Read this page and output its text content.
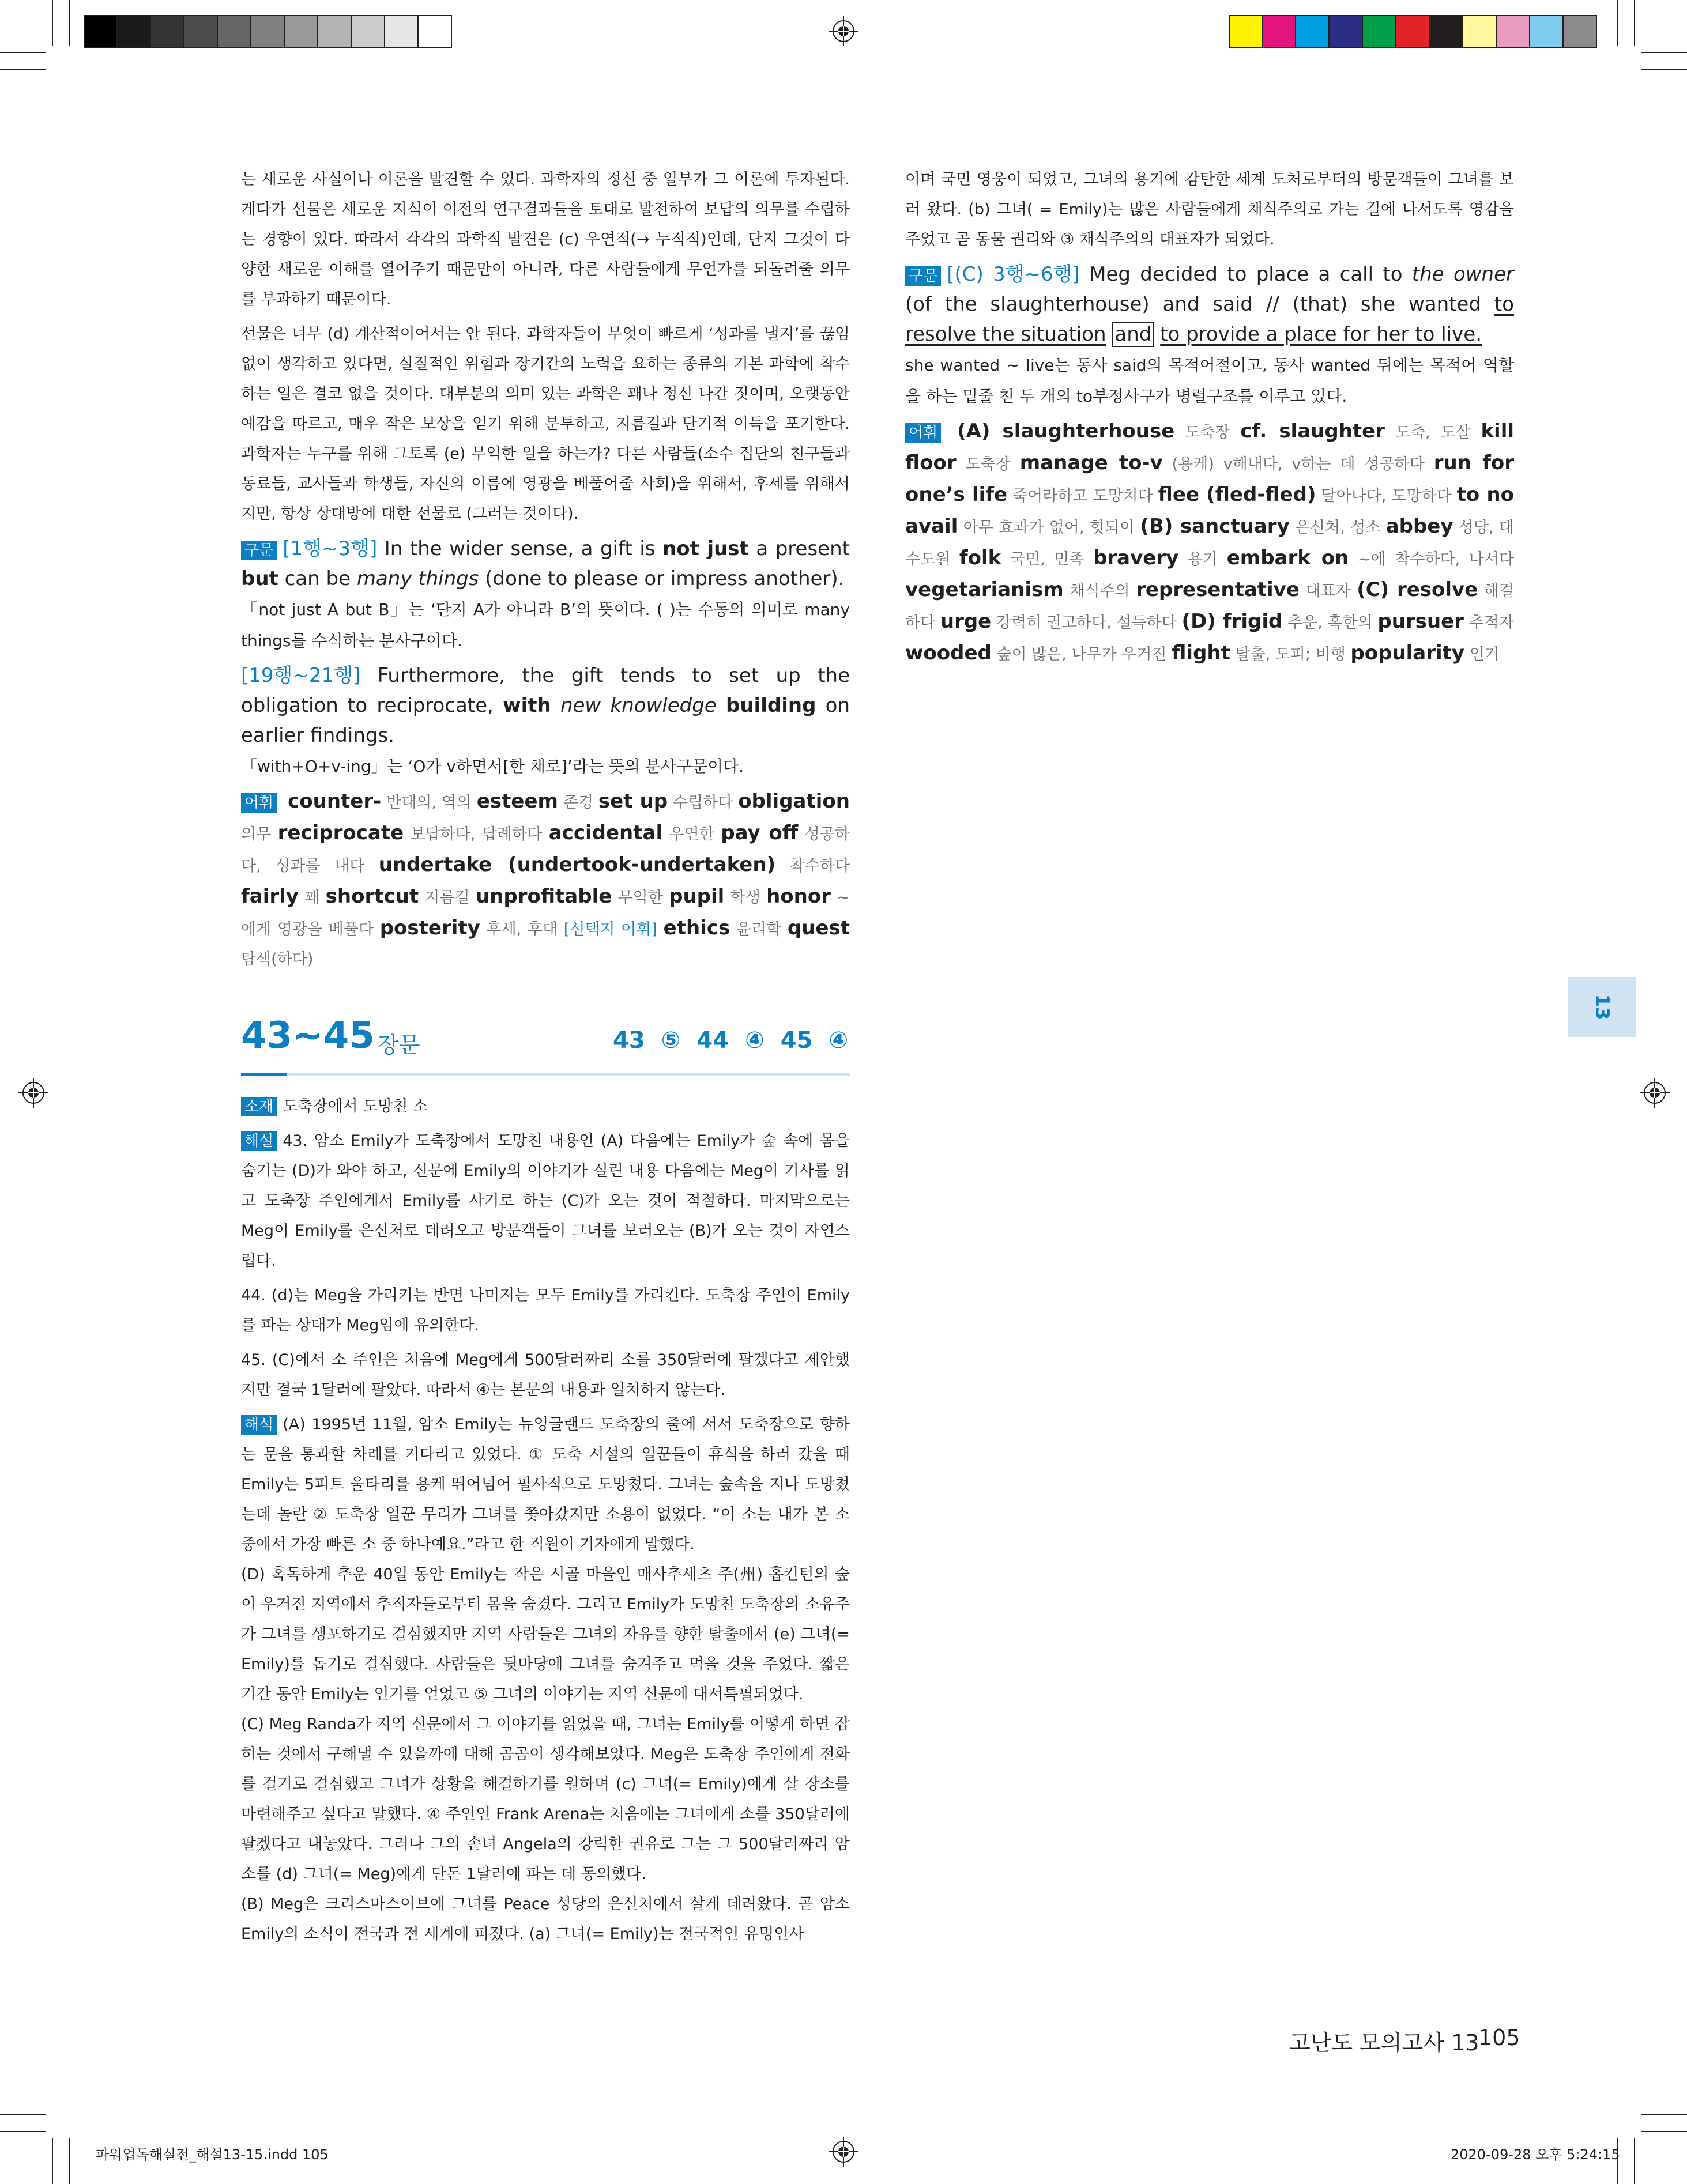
는 새로운 사실이나 이론을 발견할 수 있다. 과학자의 정신 중 일부가 그 이론에 투자된다. 게다가 선물은 새로운 지식이 이전의 연구결과들을 토대로 발전하여 보답의 의무를 수립하는 경향이 있다. 따라서 각각의 과학적 발견은 (c) 우연적(→ 누적적)인데, 단지 그것이 다양한 새로운 이해를 열어주기 때문만이 아니라, 다른 사람들에게 무언가를 되돌려줄 의무를 부과하기 때문이다.

선물은 너무 (d) 계산적이어서는 안 된다. 과학자들이 무엇이 빠르게 ‘성과를 낼지’를 끊임없이 생각하고 있다면, 실질적인 위험과 장기간의 노력을 요하는 종류의 기본 과학에 착수하는 일은 결코 없을 것이다. 대부분의 의미 있는 과학은 꽤나 정신 나간 짓이며, 오랫동안 예감을 따르고, 매우 작은 보상을 얻기 위해 분투하고, 지름길과 단기적 이득을 포기한다. 과학자는 누구를 위해 그토록 (e) 무익한 일을 하는가? 다른 사람들(소수 집단의 친구들과 동료들, 교사들과 학생들, 자신의 이름에 영광을 베풀어줄 사회)을 위해서, 후세를 위해서지만, 항상 상대방에 대한 선물로 (그러는 것이다).

구문 [1행~3행] In the wider sense, a gift is not just a present but can be many things (done to please or impress another).
「not just A but B」는 ‘단지 A가 아니라 B’의 뜻이다. ( )는 수동의 의미로 many things를 수식하는 분사구이다.

[19행~21행] Furthermore, the gift tends to set up the obligation to reciprocate, with new knowledge building on earlier findings.
「with+O+v-ing」는 ‘O가 v하면서[한 채로]’라는 뜻의 분사구문이다.

어휘 counter- 반대의, 역의 esteem 존경 set up 수립하다 obligation 의무 reciprocate 보답하다, 답례하다 accidental 우연한 pay off 성공하다, 성과를 내다 undertake (undertook-undertaken) 착수하다 fairly 꽤 shortcut 지름길 unprofitable 무익한 pupil 학생 honor ~에게 영광을 베풀다 posterity 후세, 후대 [선택지 어휘] ethics 윤리학 quest 탐색(하다)

43~45 장문	43 ⑤ 44 ④ 45 ④

소재 도축장에서 도망친 소

해설 43. 암소 Emily가 도축장에서 도망친 내용인 (A) 다음에는 Emily가 숲 속에 몸을 숨기는 (D)가 와야 하고, 신문에 Emily의 이야기가 실린 내용 다음에는 Meg이 기사를 읽고 도축장 주인에게서 Emily를 사기로 하는 (C)가 오는 것이 적절하다. 마지막으로는 Meg이 Emily를 은신처로 데려오고 방문객들이 그녀를 보러오는 (B)가 오는 것이 자연스럽다.

44. (d)는 Meg을 가리키는 반면 나머지는 모두 Emily를 가리킨다. 도축장 주인이 Emily를 파는 상대가 Meg임에 유의한다.

45. (C)에서 소 주인은 처음에 Meg에게 500달러짜리 소를 350달러에 팔겠다고 제안했지만 결국 1달러에 팔았다. 따라서 ④는 본문의 내용과 일치하지 않는다.

해석 (A) 1995년 11월, 암소 Emily는 뉴잉글랜드 도축장의 줄에 서서 도축장으로 향하는 문을 통과할 차례를 기다리고 있었다. ① 도축 시설의 일꾼들이 휴식을 하러 갔을 때 Emily는 5피트 울타리를 용케 뛰어넘어 필사적으로 도망쳤다. 그녀는 숲속을 지나 도망쳤는데 놀란 ② 도축장 일꾼 무리가 그녀를 쫓아갔지만 소용이 없었다. “이 소는 내가 본 소 중에서 가장 빠른 소 중 하나예요.”라고 한 직원이 기자에게 말했다.

(D) 혹독하게 추운 40일 동안 Emily는 작은 시골 마을인 매사추세츠 주(州) 홉킨턴의 숲이 우거진 지역에서 추적자들로부터 몸을 숨겼다. 그리고 Emily가 도망친 도축장의 소유주가 그녀를 생포하기로 결심했지만 지역 사람들은 그녀의 자유를 향한 탈출에서 (e) 그녀(= Emily)를 돕기로 결심했다. 사람들은 뒷마당에 그녀를 숨겨주고 먹을 것을 주었다. 짧은 기간 동안 Emily는 인기를 얻었고 ⑤ 그녀의 이야기는 지역 신문에 대서특필되었다.

(C) Meg Randa가 지역 신문에서 그 이야기를 읽었을 때, 그녀는 Emily를 어떻게 하면 잡히는 것에서 구해낼 수 있을까에 대해 곰곰이 생각해보았다. Meg은 도축장 주인에게 전화를 걸기로 결심했고 그녀가 상황을 해결하기를 원하며 (c) 그녀(= Emily)에게 살 장소를 마련해주고 싶다고 말했다. ④ 주인인 Frank Arena는 처음에는 그녀에게 소를 350달러에 팔겠다고 내놓았다. 그러나 그의 손녀 Angela의 강력한 권유로 그는 그 500달러짜리 암소를 (d) 그녀(= Meg)에게 단돈 1달러에 파는 데 동의했다.

(B) Meg은 크리스마스이브에 그녀를 Peace 성당의 은신처에서 살게 데려왔다. 곧 암소 Emily의 소식이 전국과 전 세계에 퍼졌다. (a) 그녀(= Emily)는 전국적인 유명인사

이며 국민 영웅이 되었고, 그녀의 용기에 감탄한 세계 도처로부터의 방문객들이 그녀를 보러 왔다. (b) 그녀( = Emily)는 많은 사람들에게 채식주의로 가는 길에 나서도록 영감을 주었고 곧 동물 권리와 ③ 채식주의의 대표자가 되었다.

구문 [(C) 3행~6행] Meg decided to place a call to the owner (of the slaughterhouse) and said // (that) she wanted to resolve the situation and to provide a place for her to live.
she wanted ~ live는 동사 said의 목적어절이고, 동사 wanted 뒤에는 목적어 역할을 하는 밑줄 친 두 개의 to부정사구가 병렬구조를 이루고 있다.

어휘 (A) slaughterhouse 도축장 cf. slaughter 도축, 도살 kill floor 도축장 manage to-v (용케) v해내다, v하는 데 성공하다 run for one’s life 죽어라하고 도망치다 flee (fled-fled) 달아나다, 도망하다 to no avail 아무 효과가 없어, 헛되이 (B) sanctuary 은신처, 성소 abbey 성당, 대수도원 folk 국민, 민족 bravery 용기 embark on ~에 착수하다, 나서다 vegetarianism 채식주의 representative 대표자 (C) resolve 해결하다 urge 강력히 권고하다, 설득하다 (D) frigid 추운, 혹한의 pursuer 추적자 wooded 숲이 많은, 나무가 우거진 flight 탈출, 도피; 비행 popularity 인기

13
고난도 모의고사 13
105
파워업독해실전_해설13-15.indd 105	2020-09-28 오후 5:24:15
